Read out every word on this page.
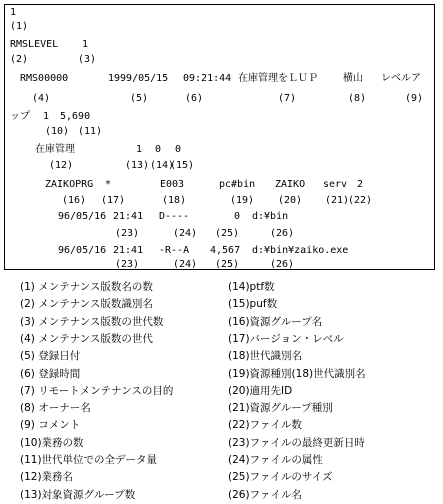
1
(1)
RMSLEVEL 1
(2)	(3)
RMS00000	1999/05/15 09:21:44 在庫管理をＬＵＰ	横山 レベルア
(4)	(5)	(6)	(7)	(8)	(9)
ップ 1 5,690
(10) (11)
在庫管理	1 0 0
(12)	(13) (14)
(15)
ZAIKOPRG *	E003	pc#bin ZAIKO serv 2
(16) (17)	(18)	(19) (20) (21)
(22)
96/05/16 21:41 D----	0 d:¥bin
(23)	(24) (25)	(26)
96/05/16 21:41 -R--A 4,567 d:¥bin¥zaiko.exe
(23)	(24) (25)	(26)
(1) メンテナンス版数名の数
(2) メンテナンス版数識別名
(3) メンテナンス版数の世代数
(4) メンテナンス版数の世代
(5) 登録日付
(6) 登録時間
(7) リモートメンテナンスの目的
(8) オーナー名
(9) コメント
(10)業務の数
(11)世代単位での全データ量
(12)業務名
(13)対象資源グループ数
(14)ptf数
(15)puf数
(16)資源グループ名
(17)バージョン・レベル
(18)世代識別名
(19)資源種別(18)世代識別名
(20)適用先ID
(21)資源グループ種別
(22)ファイル数
(23)ファイルの最終更新日時
(24)ファイルの属性
(25)ファイルのサイズ
(26)ファイル名
